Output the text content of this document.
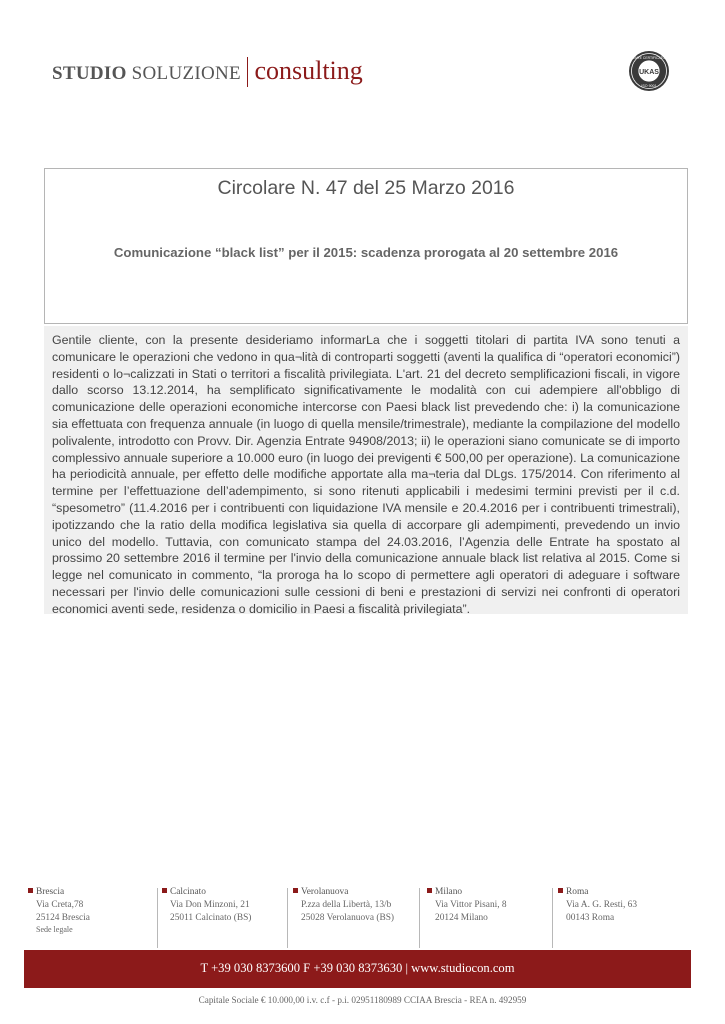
STUDIO SOLUZIONE consulting	UKAS
ENTE CERTIFICATO
ISO 9001
Circolare N. 47 del 25 Marzo 2016
Comunicazione “black list” per il 2015: scadenza prorogata al 20 settembre 2016
Gentile cliente, con la presente desideriamo informarLa che i soggetti titolari di partita IVA sono tenuti a comunicare le operazioni che vedono in qua¬lità di controparti soggetti (aventi la qualifica di “operatori economici”) residenti o lo¬calizzati in Stati o territori a fiscalità privilegiata. L'art. 21 del decreto semplificazioni fiscali, in vigore dallo scorso 13.12.2014, ha semplificato significativamente le modalità con cui adempiere all'obbligo di comunicazione delle operazioni economiche intercorse con Paesi black list prevedendo che: i) la comunicazione sia effettuata con frequenza annuale (in luogo di quella mensile/trimestrale), mediante la compilazione del modello polivalente, introdotto con Provv. Dir. Agenzia Entrate 94908/2013; ii) le operazioni siano comunicate se di importo complessivo annuale superiore a 10.000 euro (in luogo dei previgenti € 500,00 per operazione). La comunicazione ha periodicità annuale, per effetto delle modifiche apportate alla ma¬teria dal DLgs. 175/2014. Con riferimento al termine per l’effettuazione dell’adempimento, si sono ritenuti applicabili i medesimi termini previsti per il c.d. “spesometro” (11.4.2016 per i contribuenti con liquidazione IVA mensile e 20.4.2016 per i contribuenti trimestrali), ipotizzando che la ratio della modifica legislativa sia quella di accorpare gli adempimenti, prevedendo un invio unico del modello. Tuttavia, con comunicato stampa del 24.03.2016, l’Agenzia delle Entrate ha spostato al prossimo 20 settembre 2016 il termine per l'invio della comunicazione annuale black list relativa al 2015. Come si legge nel comunicato in commento, “la proroga ha lo scopo di permettere agli operatori di adeguare i software necessari per l'invio delle comunicazioni sulle cessioni di beni e prestazioni di servizi nei confronti di operatori economici aventi sede, residenza o domicilio in Paesi a fiscalità privilegiata”.
Brescia
Via Creta,78
25124 Brescia
Sede legale
Calcinato
Via Don Minzoni, 21
25011 Calcinato (BS)
Verolanuova
P.zza della Libertà, 13/b
25028 Verolanuova (BS)
Milano
Via Vittor Pisani, 8
20124 Milano
Roma
Via A. G. Resti, 63
00143 Roma
T +39 030 8373600 F +39 030 8373630 | www.studiocon.com
Capitale Sociale € 10.000,00 i.v. c.f - p.i. 02951180989 CCIAA Brescia - REA n. 492959
